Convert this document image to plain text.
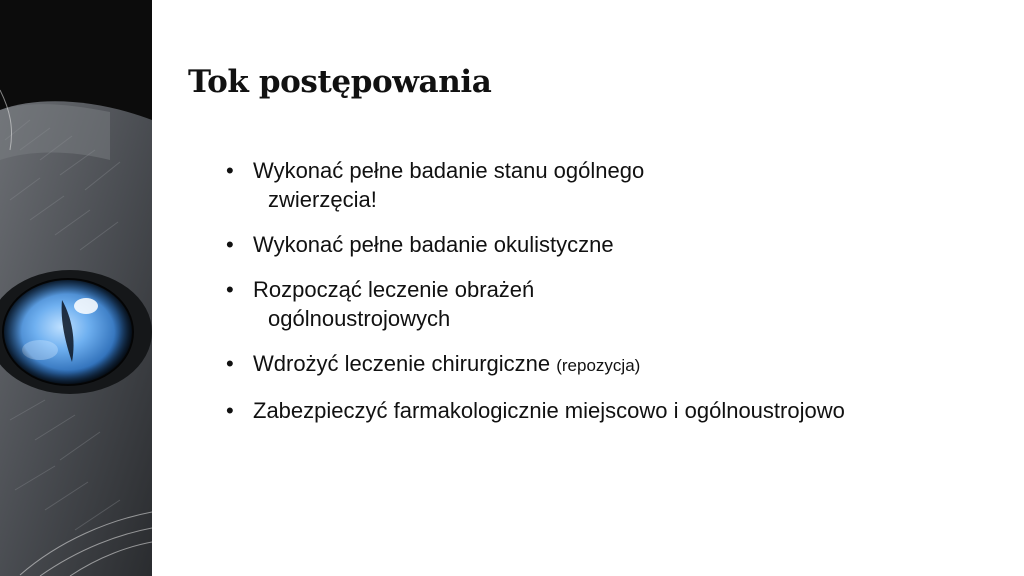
Tok postępowania
• Wykonać pełne badanie stanu ogólnego
zwierzęcia!
• Wykonać pełne badanie okulistyczne
• Rozpocząć leczenie obrażeń
ogólnoustrojowych
• Wdrożyć leczenie chirurgiczne (repozycja)
• Zabezpieczyć farmakologicznie miejscowo i ogólnoustrojowo
